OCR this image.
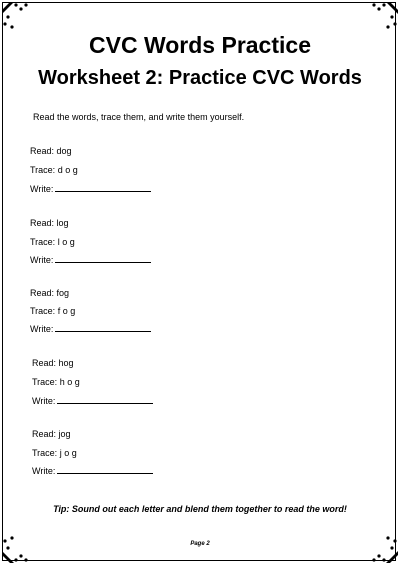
CVC Words Practice
Worksheet 2: Practice CVC Words
Read the words, trace them, and write them yourself.
Read: dog
Trace: d o g
Write:
Read: log
Trace: l o g
Write:
Read: fog
Trace: f o g
Write:
Read: hog
Trace: h o g
Write:
Read: jog
Trace: j o g
Write:
Tip: Sound out each letter and blend them together to read the word!
Page 2
